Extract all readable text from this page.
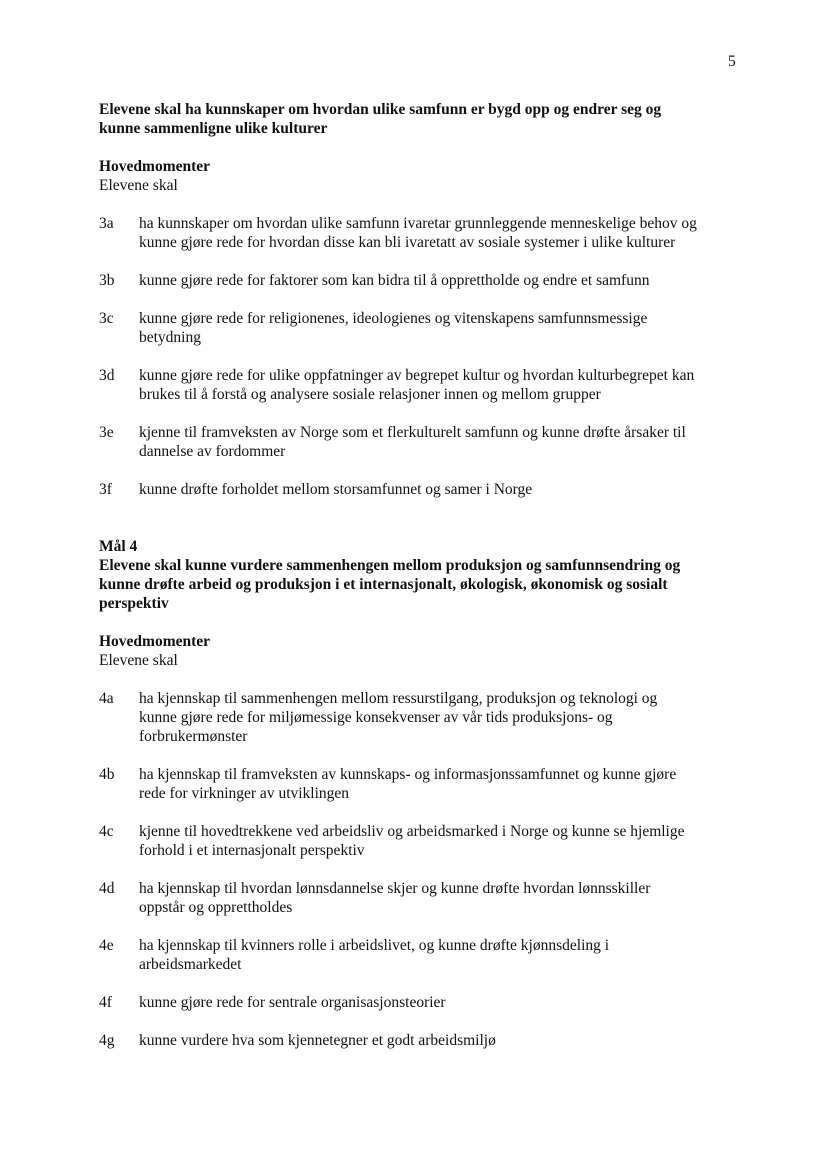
5
Elevene skal ha kunnskaper om hvordan ulike samfunn er bygd opp og endrer seg og
kunne sammenligne ulike kulturer
Hovedmomenter
Elevene skal
3a	ha kunnskaper om hvordan ulike samfunn ivaretar grunnleggende menneskelige behov og
kunne gjøre rede for hvordan disse kan bli ivaretatt av sosiale systemer i ulike kulturer
3b	kunne gjøre rede for faktorer som kan bidra til å opprettholde og endre et samfunn
3c	kunne gjøre rede for religionenes, ideologienes og vitenskapens samfunnsmessige
betydning
3d	kunne gjøre rede for ulike oppfatninger av begrepet kultur og hvordan kulturbegrepet kan
brukes til å forstå og analysere sosiale relasjoner innen og mellom grupper
3e	kjenne til framveksten av Norge som et flerkulturelt samfunn og kunne drøfte årsaker til
dannelse av fordommer
3f	kunne drøfte forholdet mellom storsamfunnet og samer i Norge
Mål 4
Elevene skal kunne vurdere sammenhengen mellom produksjon og samfunnsendring og
kunne drøfte arbeid og produksjon i et internasjonalt, økologisk, økonomisk og sosialt
perspektiv
Hovedmomenter
Elevene skal
4a	ha kjennskap til sammenhengen mellom ressurstilgang, produksjon og teknologi og
kunne gjøre rede for miljømessige konsekvenser av vår tids produksjons- og
forbrukermønster
4b	ha kjennskap til framveksten av kunnskaps- og informasjonssamfunnet og kunne gjøre
rede for virkninger av utviklingen
4c	kjenne til hovedtrekkene ved arbeidsliv og arbeidsmarked i Norge og kunne se hjemlige
forhold i et internasjonalt perspektiv
4d	ha kjennskap til hvordan lønnsdannelse skjer og kunne drøfte hvordan lønnsskiller
oppstår og opprettholdes
4e	ha kjennskap til kvinners rolle i arbeidslivet, og kunne drøfte kjønnsdeling i
arbeidsmarkedet
4f	kunne gjøre rede for sentrale organisasjonsteorier
4g	kunne vurdere hva som kjennetegner et godt arbeidsmiljø
